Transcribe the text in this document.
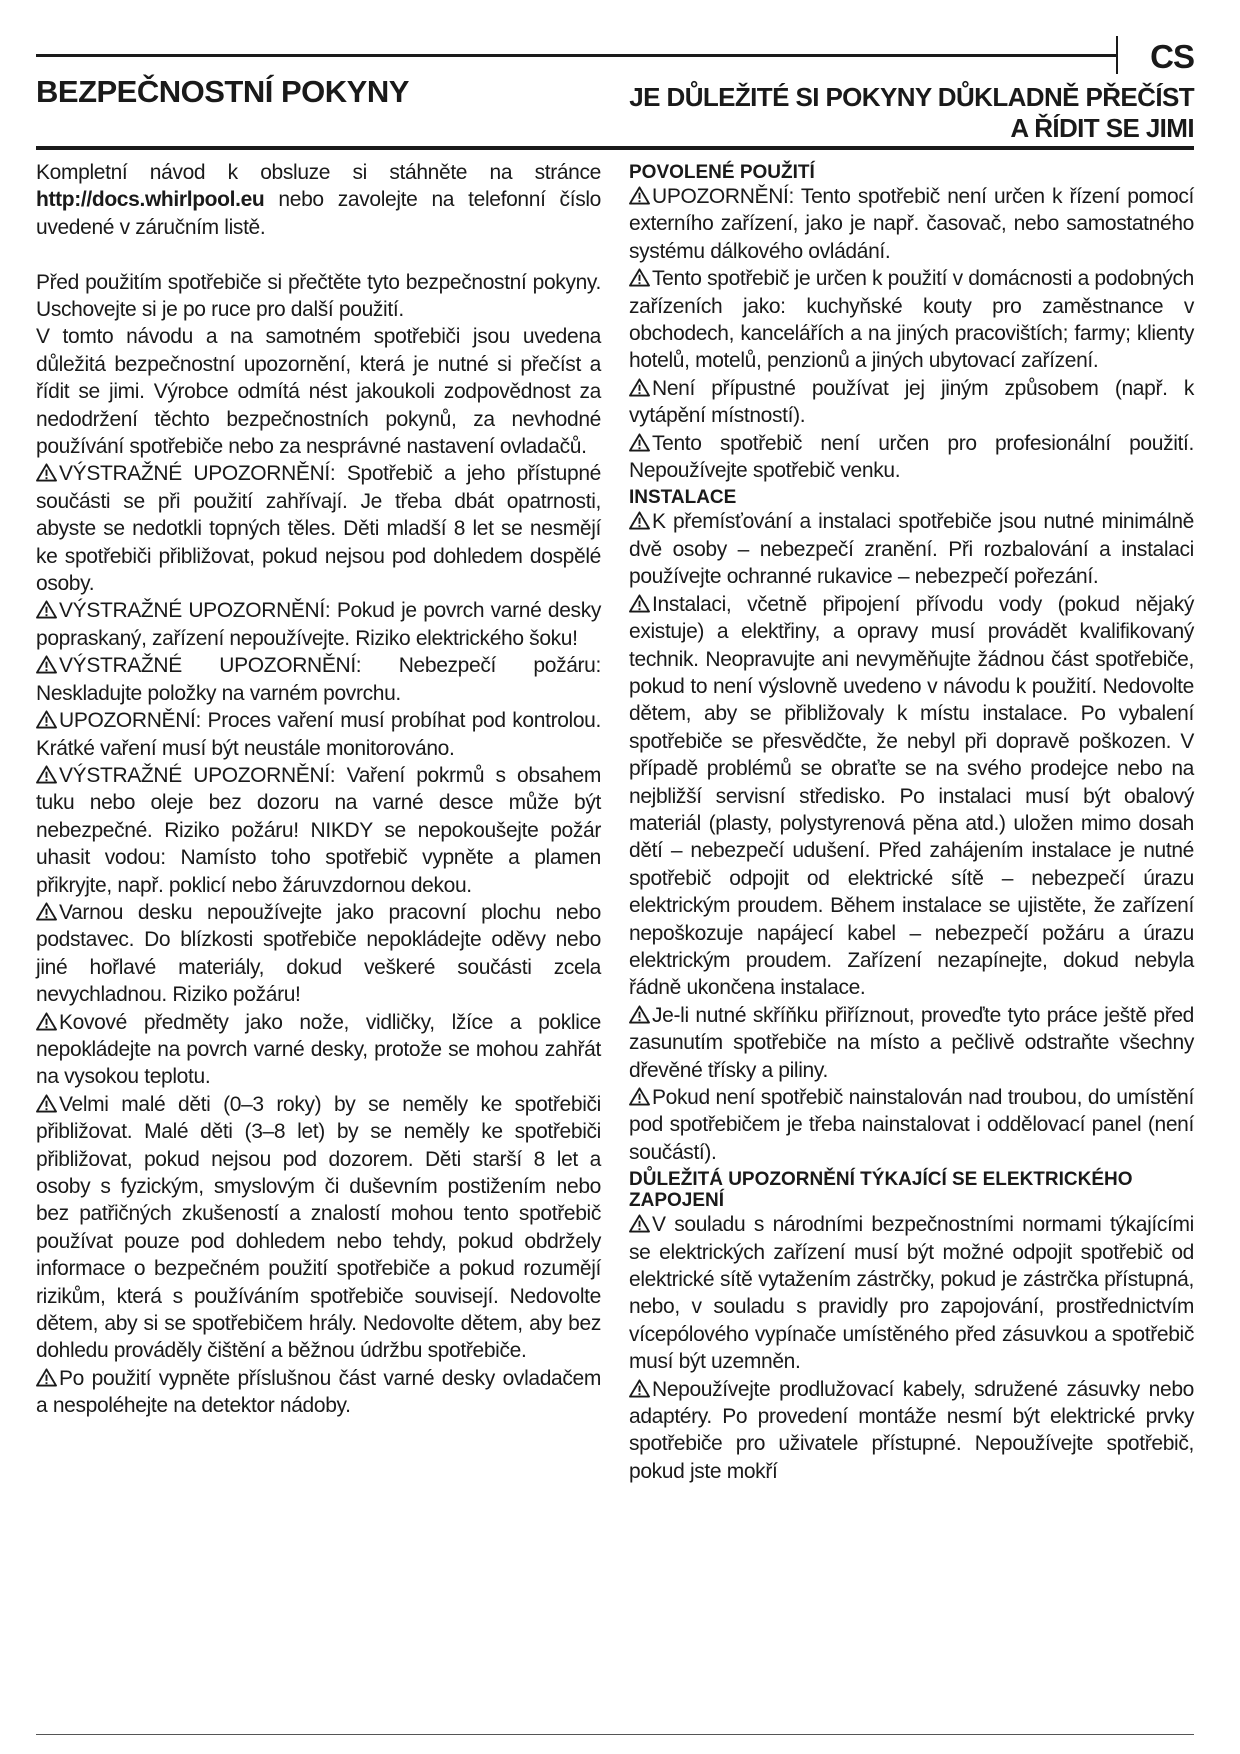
CS
BEZPEČNOSTNÍ POKYNY	JE DŮLEŽITÉ SI POKYNY DŮKLADNĚ PŘEČÍST
A ŘÍDIT SE JIMI

Kompletní návod k obsluze si stáhněte na stránce http://docs.whirlpool.eu nebo zavolejte na telefonní číslo uvedené v záručním listě.

Před použitím spotřebiče si přečtěte tyto bezpečnostní pokyny. Uschovejte si je po ruce pro další použití.

V tomto návodu a na samotném spotřebiči jsou uvedena důležitá bezpečnostní upozornění, která je nutné si přečíst a řídit se jimi. Výrobce odmítá nést jakoukoli zodpovědnost za nedodržení těchto bezpečnostních pokynů, za nevhodné používání spotřebiče nebo za nesprávné nastavení ovladačů.

VÝSTRAŽNÉ UPOZORNĚNÍ: Spotřebič a jeho přístupné součásti se při použití zahřívají. Je třeba dbát opatrnosti, abyste se nedotkli topných těles. Děti mladší 8 let se nesmějí ke spotřebiči přibližovat, pokud nejsou pod dohledem dospělé osoby.

VÝSTRAŽNÉ UPOZORNĚNÍ: Pokud je povrch varné desky popraskaný, zařízení nepoužívejte. Riziko elektrického šoku!

VÝSTRAŽNÉ UPOZORNĚNÍ: Nebezpečí požáru: Neskladujte položky na varném povrchu.

UPOZORNĚNÍ: Proces vaření musí probíhat pod kontrolou. Krátké vaření musí být neustále monitorováno.

VÝSTRAŽNÉ UPOZORNĚNÍ: Vaření pokrmů s obsahem tuku nebo oleje bez dozoru na varné desce může být nebezpečné. Riziko požáru! NIKDY se nepokoušejte požár uhasit vodou: Namísto toho spotřebič vypněte a plamen přikryjte, např. poklicí nebo žáruvzdornou dekou.

Varnou desku nepoužívejte jako pracovní plochu nebo podstavec. Do blízkosti spotřebiče nepokládejte oděvy nebo jiné hořlavé materiály, dokud veškeré součásti zcela nevychladnou. Riziko požáru!

Kovové předměty jako nože, vidličky, lžíce a poklice nepokládejte na povrch varné desky, protože se mohou zahřát na vysokou teplotu.

Velmi malé děti (0–3 roky) by se neměly ke spotřebiči přibližovat. Malé děti (3–8 let) by se neměly ke spotřebiči přibližovat, pokud nejsou pod dozorem. Děti starší 8 let a osoby s fyzickým, smyslovým či duševním postižením nebo bez patřičných zkušeností a znalostí mohou tento spotřebič používat pouze pod dohledem nebo tehdy, pokud obdržely informace o bezpečném použití spotřebiče a pokud rozumějí rizikům, která s používáním spotřebiče souvisejí. Nedovolte dětem, aby si se spotřebičem hrály. Nedovolte dětem, aby bez dohledu prováděly čištění a běžnou údržbu spotřebiče.

Po použití vypněte příslušnou část varné desky ovladačem a nespoléhejte na detektor nádoby.

POVOLENÉ POUŽITÍ

UPOZORNĚNÍ: Tento spotřebič není určen k řízení pomocí externího zařízení, jako je např. časovač, nebo samostatného systému dálkového ovládání.

Tento spotřebič je určen k použití v domácnosti a podobných zařízeních jako: kuchyňské kouty pro zaměstnance v obchodech, kancelářích a na jiných pracovištích; farmy; klienty hotelů, motelů, penzionů a jiných ubytovací zařízení.

Není přípustné používat jej jiným způsobem (např. k vytápění místností).

Tento spotřebič není určen pro profesionální použití. Nepoužívejte spotřebič venku.

INSTALACE

K přemísťování a instalaci spotřebiče jsou nutné minimálně dvě osoby – nebezpečí zranění. Při rozbalování a instalaci používejte ochranné rukavice – nebezpečí pořezání.

Instalaci, včetně připojení přívodu vody (pokud nějaký existuje) a elektřiny, a opravy musí provádět kvalifikovaný technik. Neopravujte ani nevyměňujte žádnou část spotřebiče, pokud to není výslovně uvedeno v návodu k použití. Nedovolte dětem, aby se přibližovaly k místu instalace. Po vybalení spotřebiče se přesvědčte, že nebyl při dopravě poškozen. V případě problémů se obraťte se na svého prodejce nebo na nejbližší servisní středisko. Po instalaci musí být obalový materiál (plasty, polystyrenová pěna atd.) uložen mimo dosah dětí – nebezpečí udušení. Před zahájením instalace je nutné spotřebič odpojit od elektrické sítě – nebezpečí úrazu elektrickým proudem. Během instalace se ujistěte, že zařízení nepoškozuje napájecí kabel – nebezpečí požáru a úrazu elektrickým proudem. Zařízení nezapínejte, dokud nebyla řádně ukončena instalace.

Je-li nutné skříňku přiříznout, proveďte tyto práce ještě před zasunutím spotřebiče na místo a pečlivě odstraňte všechny dřevěné třísky a piliny.

Pokud není spotřebič nainstalován nad troubou, do umístění pod spotřebičem je třeba nainstalovat i oddělovací panel (není součástí).

DŮLEŽITÁ UPOZORNĚNÍ TÝKAJÍCÍ SE ELEKTRICKÉHO ZAPOJENÍ

V souladu s národními bezpečnostními normami týkajícími se elektrických zařízení musí být možné odpojit spotřebič od elektrické sítě vytažením zástrčky, pokud je zástrčka přístupná, nebo, v souladu s pravidly pro zapojování, prostřednictvím vícepólového vypínače umístěného před zásuvkou a spotřebič musí být uzemněn.

Nepoužívejte prodlužovací kabely, sdružené zásuvky nebo adaptéry. Po provedení montáže nesmí být elektrické prvky spotřebiče pro uživatele přístupné. Nepoužívejte spotřebič, pokud jste mokří
